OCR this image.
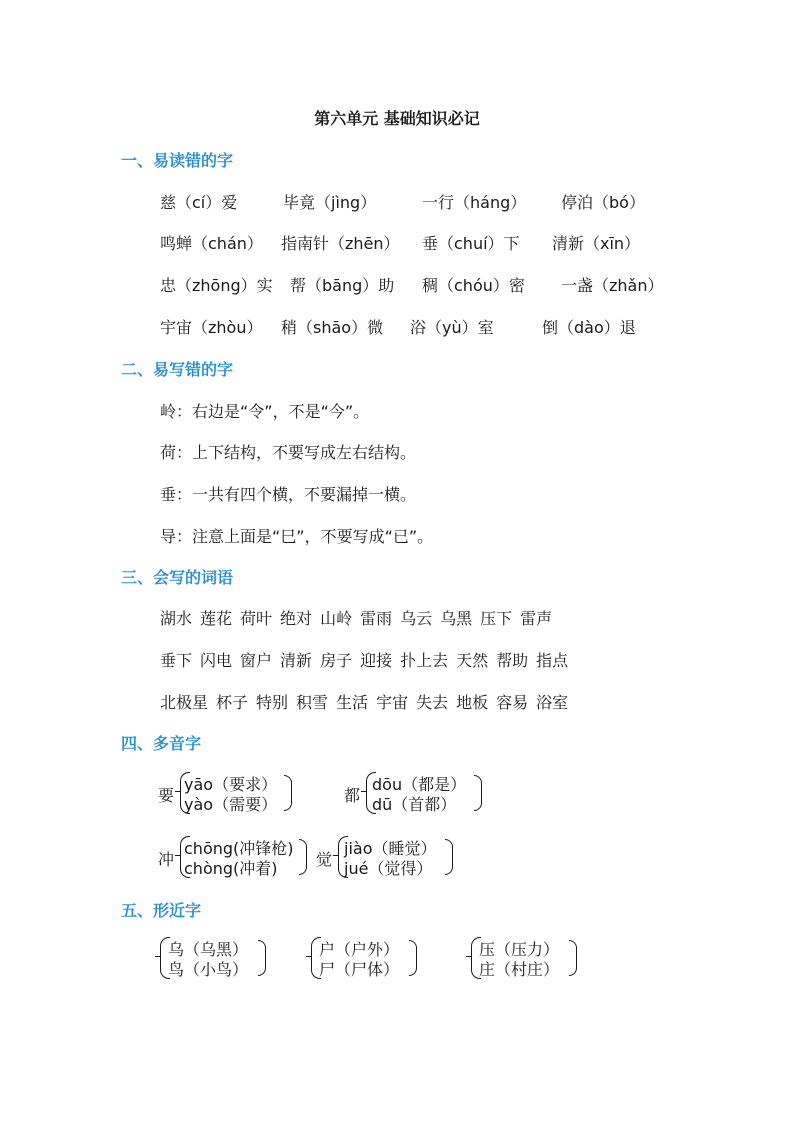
第六单元 基础知识必记
一、易读错的字
慈（cí）爱	毕竟（jìng）	一行（háng） 停泊（bó）
鸣蝉（chán） 指南针（zhēn） 垂（chuí）下 清新（xīn）
忠（zhōng）实 帮（bāng）助 稠（chóu）密 一盏（zhǎn）
宇宙（zhòu） 稍（shāo）微 浴（yù）室	倒（dào）退
二、易写错的字
岭：右边是“令”，不是“今”。
荷：上下结构，不要写成左右结构。
垂：一共有四个横，不要漏掉一横。
导：注意上面是“巳”，不要写成“已”。
三、会写的词语
湖水 莲花 荷叶 绝对 山岭 雷雨 乌云 乌黑 压下 雷声
垂下 闪电 窗户 清新 房子 迎接 扑上去 天然 帮助 指点
北极星 杯子 特别 积雪 生活 宇宙 失去 地板 容易 浴室
四、多音字
要
yāo（要求）
yào（需要）	都
dōu（都是）
dū（首都）
冲
chōng(冲锋枪)
chòng(冲着) 觉
jiào（睡觉）
jué（觉得）
五、形近字
乌（乌黑）
鸟（小鸟）
户（户外）
尸（尸体）
压（压力）
庄（村庄）
